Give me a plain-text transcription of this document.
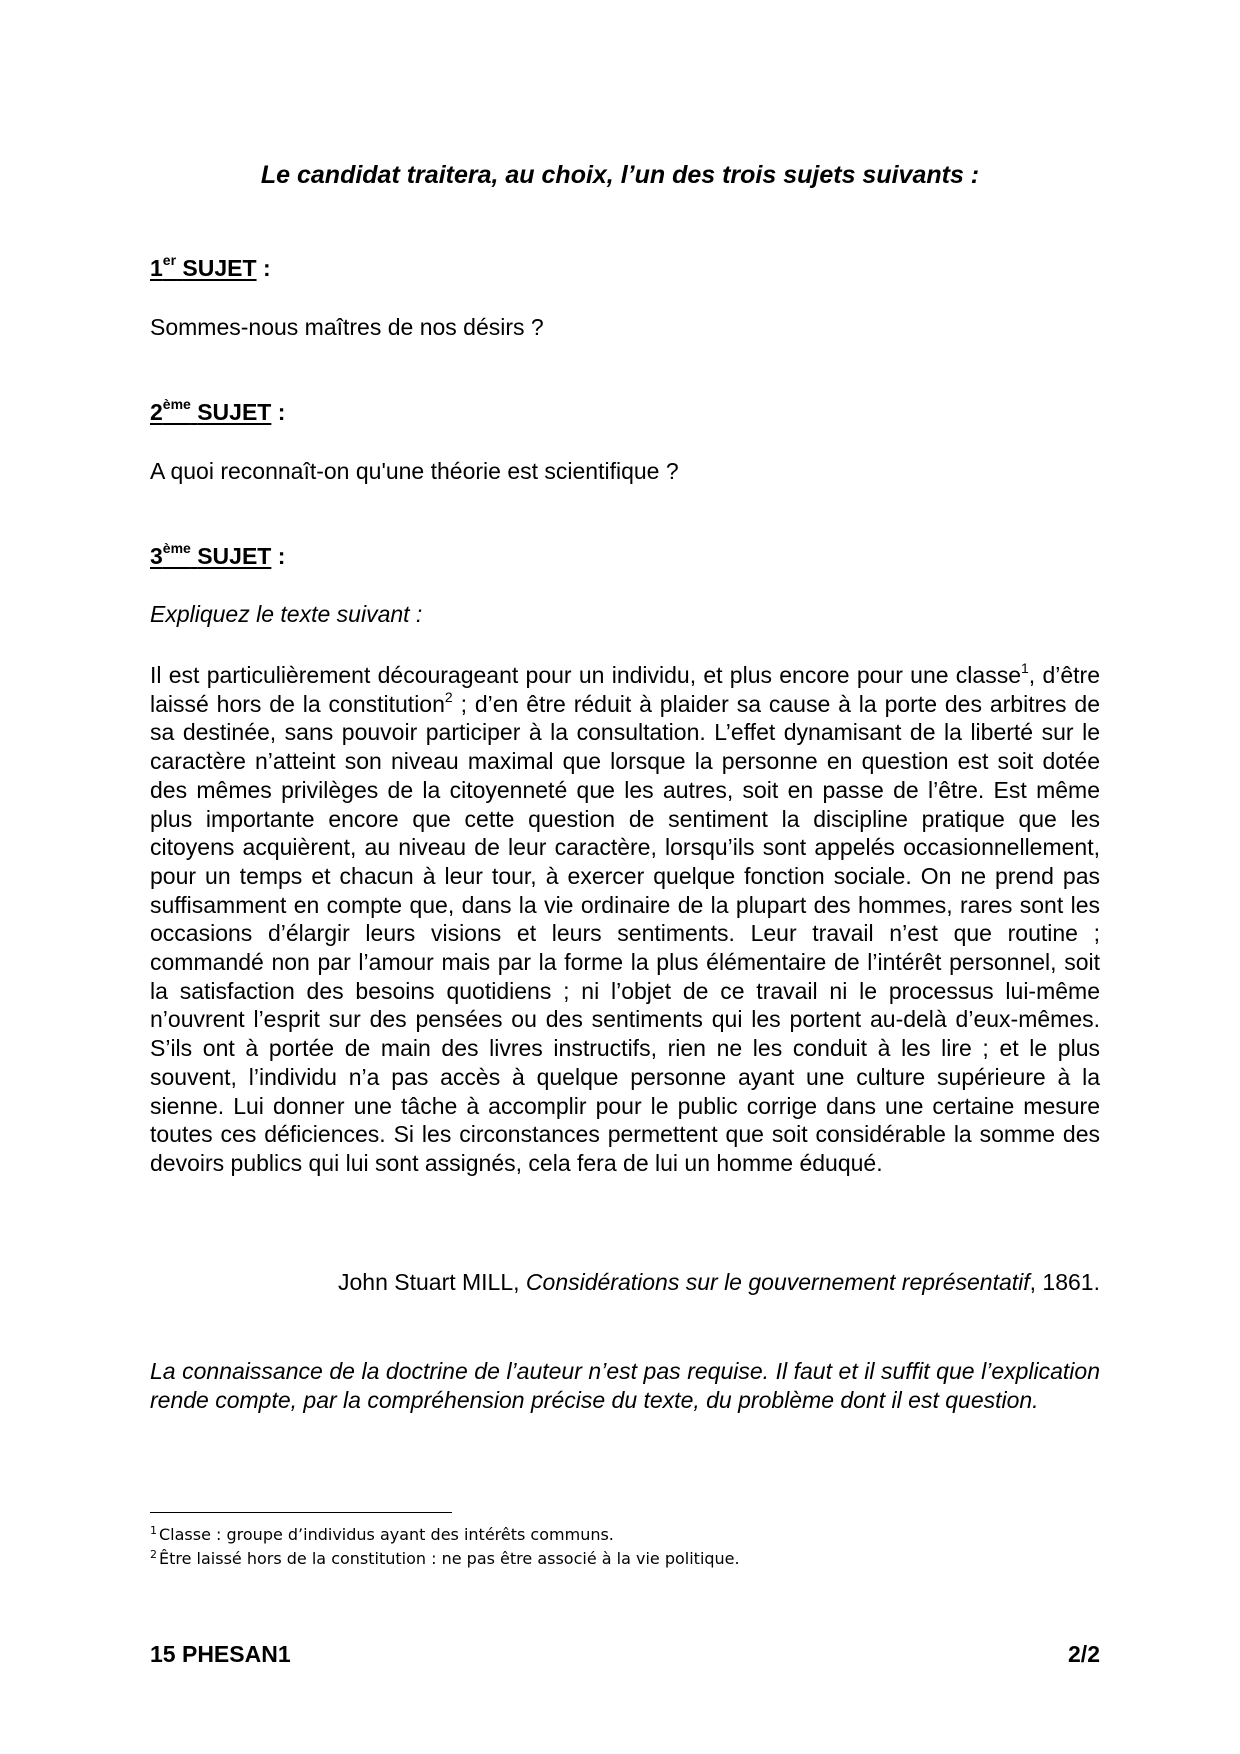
Le candidat traitera, au choix, l’un des trois sujets suivants :
1er SUJET :
Sommes-nous maîtres de nos désirs ?
2ème SUJET :
A quoi reconnaît-on qu'une théorie est scientifique ?
3ème SUJET :
Expliquez le texte suivant :
Il est particulièrement décourageant pour un individu, et plus encore pour une classe$^1$, d’être laissé hors de la constitution$^2$ ; d’en être réduit à plaider sa cause à la porte des arbitres de sa destinée, sans pouvoir participer à la consultation. L’effet dynamisant de la liberté sur le caractère n’atteint son niveau maximal que lorsque la personne en question est soit dotée des mêmes privilèges de la citoyenneté que les autres, soit en passe de l’être. Est même plus importante encore que cette question de sentiment la discipline pratique que les citoyens acquièrent, au niveau de leur caractère, lorsqu’ils sont appelés occasionnellement, pour un temps et chacun à leur tour, à exercer quelque fonction sociale. On ne prend pas suffisamment en compte que, dans la vie ordinaire de la plupart des hommes, rares sont les occasions d’élargir leurs visions et leurs sentiments. Leur travail n’est que routine ; commandé non par l’amour mais par la forme la plus élémentaire de l’intérêt personnel, soit la satisfaction des besoins quotidiens ; ni l’objet de ce travail ni le processus lui-même n’ouvrent l’esprit sur des pensées ou des sentiments qui les portent au-delà d’eux-mêmes. S’ils ont à portée de main des livres instructifs, rien ne les conduit à les lire ; et le plus souvent, l’individu n’a pas accès à quelque personne ayant une culture supérieure à la sienne. Lui donner une tâche à accomplir pour le public corrige dans une certaine mesure toutes ces déficiences. Si les circonstances permettent que soit considérable la somme des devoirs publics qui lui sont assignés, cela fera de lui un homme éduqué.
John Stuart MILL, Considérations sur le gouvernement représentatif, 1861.
La connaissance de la doctrine de l’auteur n’est pas requise. Il faut et il suffit que l’explication rende compte, par la compréhension précise du texte, du problème dont il est question.
$^1$ Classe : groupe d’individus ayant des intérêts communs.
$^2$ Être laissé hors de la constitution : ne pas être associé à la vie politique.
15 PHESAN1	2/2
